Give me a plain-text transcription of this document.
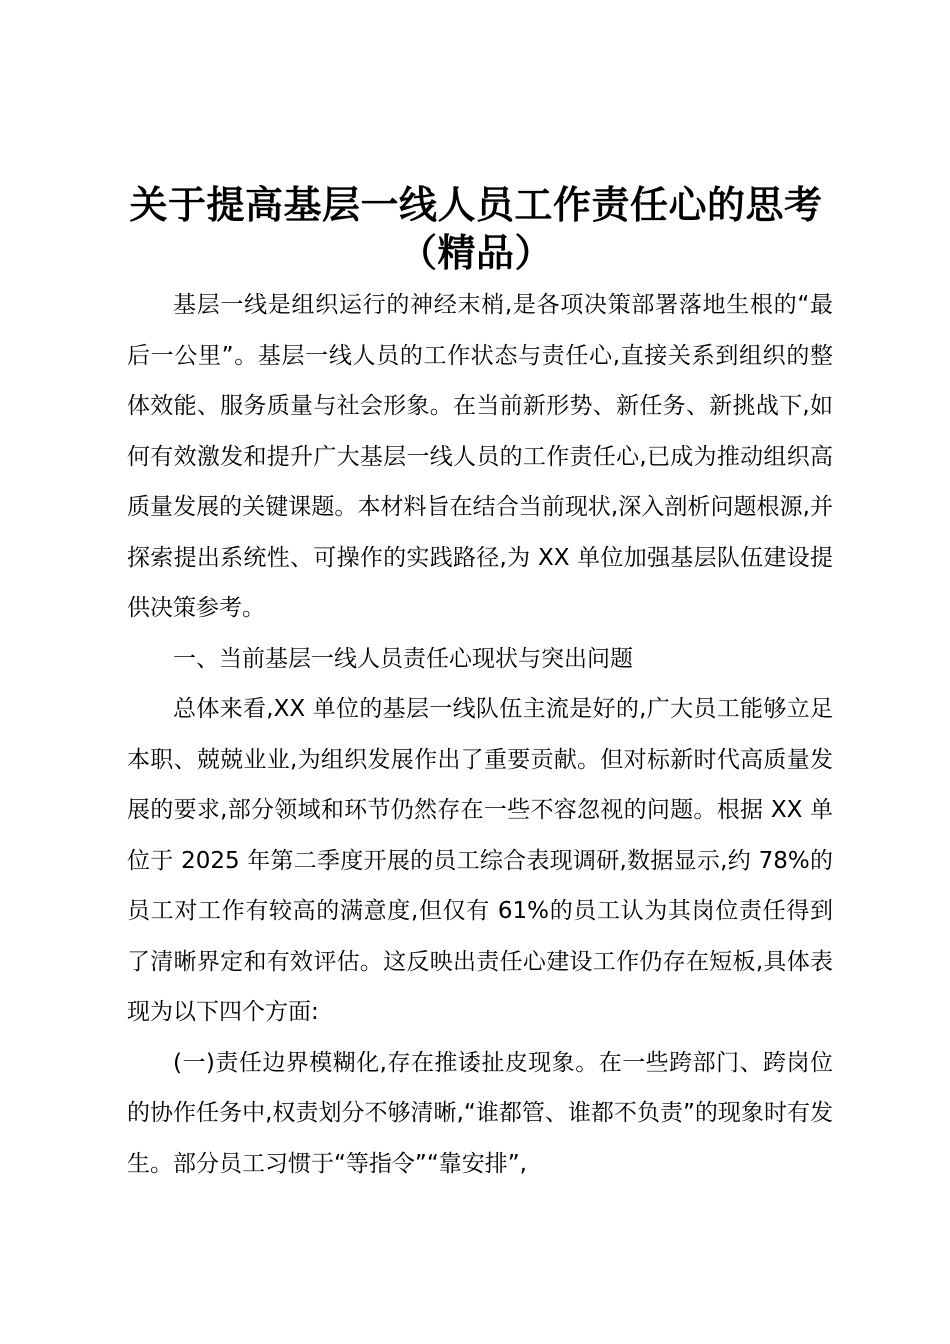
关于提高基层一线人员工作责任心的思考（精品）

基层一线是组织运行的神经末梢,是各项决策部署落地生根的“最后一公里”。基层一线人员的工作状态与责任心,直接关系到组织的整体效能、服务质量与社会形象。在当前新形势、新任务、新挑战下,如何有效激发和提升广大基层一线人员的工作责任心,已成为推动组织高质量发展的关键课题。本材料旨在结合当前现状,深入剖析问题根源,并探索提出系统性、可操作的实践路径,为 XX 单位加强基层队伍建设提供决策参考。

一、当前基层一线人员责任心现状与突出问题

总体来看,XX 单位的基层一线队伍主流是好的,广大员工能够立足本职、兢兢业业,为组织发展作出了重要贡献。但对标新时代高质量发展的要求,部分领域和环节仍然存在一些不容忽视的问题。根据 XX 单位于 2025 年第二季度开展的员工综合表现调研,数据显示,约 78%的员工对工作有较高的满意度,但仅有 61%的员工认为其岗位责任得到了清晰界定和有效评估。这反映出责任心建设工作仍存在短板,具体表现为以下四个方面:

(一)责任边界模糊化,存在推诿扯皮现象。在一些跨部门、跨岗位的协作任务中,权责划分不够清晰,“谁都管、谁都不负责”的现象时有发生。部分员工习惯于“等指令”“靠安排”,
